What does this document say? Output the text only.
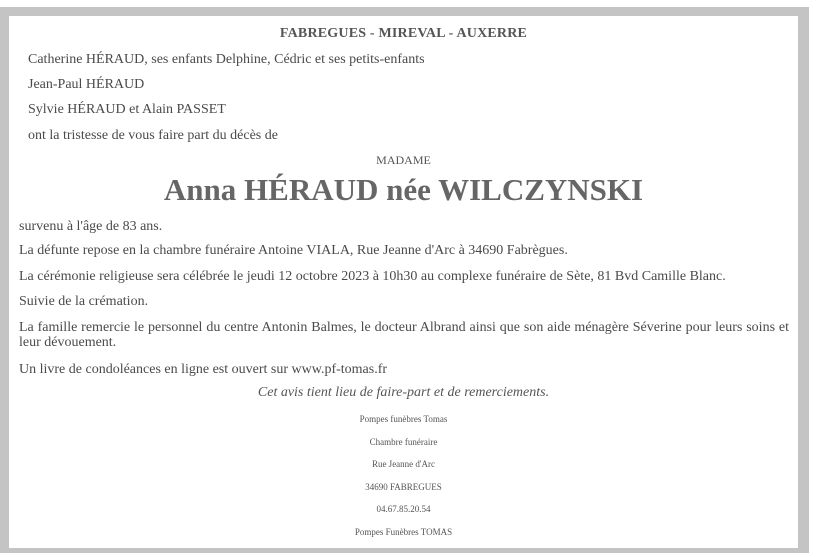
FABREGUES - MIREVAL - AUXERRE
Catherine HÉRAUD, ses enfants Delphine, Cédric et ses petits-enfants
Jean-Paul HÉRAUD
Sylvie HÉRAUD et Alain PASSET
ont la tristesse de vous faire part du décès de
MADAME
Anna HÉRAUD née WILCZYNSKI
survenu à l'âge de 83 ans.
La défunte repose en la chambre funéraire Antoine VIALA, Rue Jeanne d'Arc à 34690 Fabrègues.
La cérémonie religieuse sera célébrée le jeudi 12 octobre 2023 à 10h30 au complexe funéraire de Sète, 81 Bvd Camille Blanc.
Suivie de la crémation.
La famille remercie le personnel du centre Antonin Balmes, le docteur Albrand ainsi que son aide ménagère Séverine pour leurs soins et leur dévouement.
Un livre de condoléances en ligne est ouvert sur www.pf-tomas.fr
Cet avis tient lieu de faire-part et de remerciements.
Pompes funèbres Tomas
Chambre funéraire
Rue Jeanne d'Arc
34690 FABREGUES
04.67.85.20.54
Pompes Funèbres TOMAS
